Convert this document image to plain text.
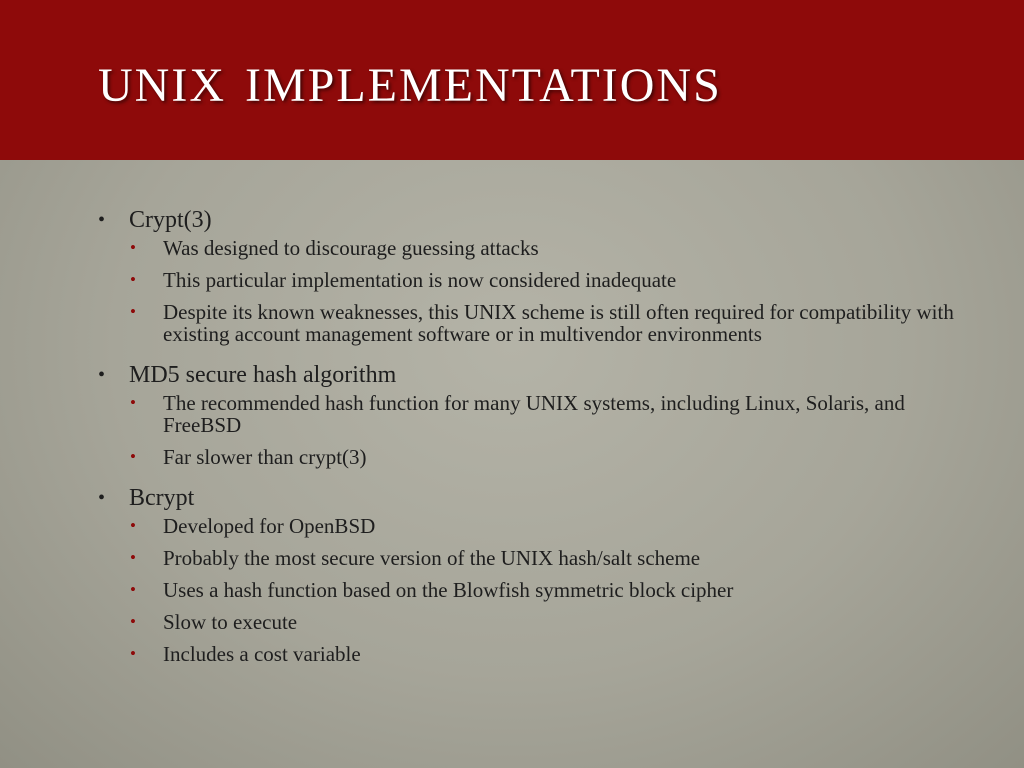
unix implementations
• Crypt(3)
• Was designed to discourage guessing attacks
• This particular implementation is now considered inadequate
• Despite its known weaknesses, this UNIX scheme is still often required for compatibility with existing account management software or in multivendor environments
• MD5 secure hash algorithm
• The recommended hash function for many UNIX systems, including Linux, Solaris, and FreeBSD
• Far slower than crypt(3)
• Bcrypt
• Developed for OpenBSD
• Probably the most secure version of the UNIX hash/salt scheme
• Uses a hash function based on the Blowfish symmetric block cipher
• Slow to execute
• Includes a cost variable
